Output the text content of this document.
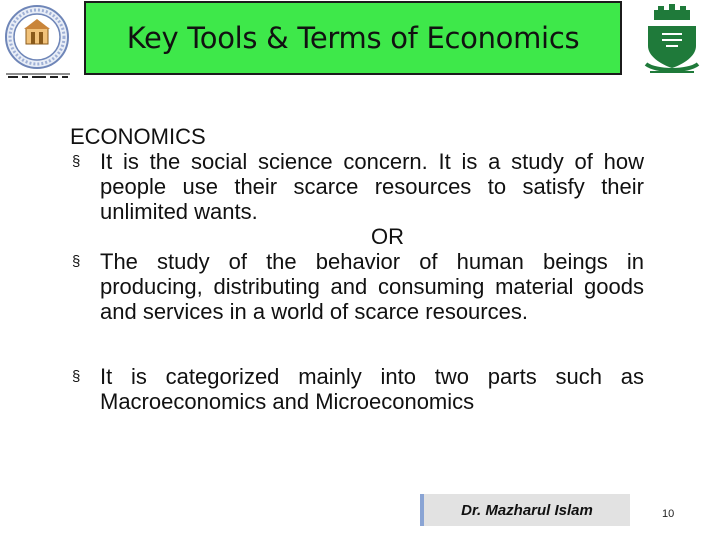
Key Tools & Terms of Economics
ECONOMICS
§ It is the social science concern. It is a study of how people use their scarce resources to satisfy their unlimited wants.
OR
§ The study of the behavior of human beings in producing, distributing and consuming material goods and services in a world of scarce resources.
§ It is categorized mainly into two parts such as Macroeconomics and Microeconomics
Dr. Mazharul Islam	10
